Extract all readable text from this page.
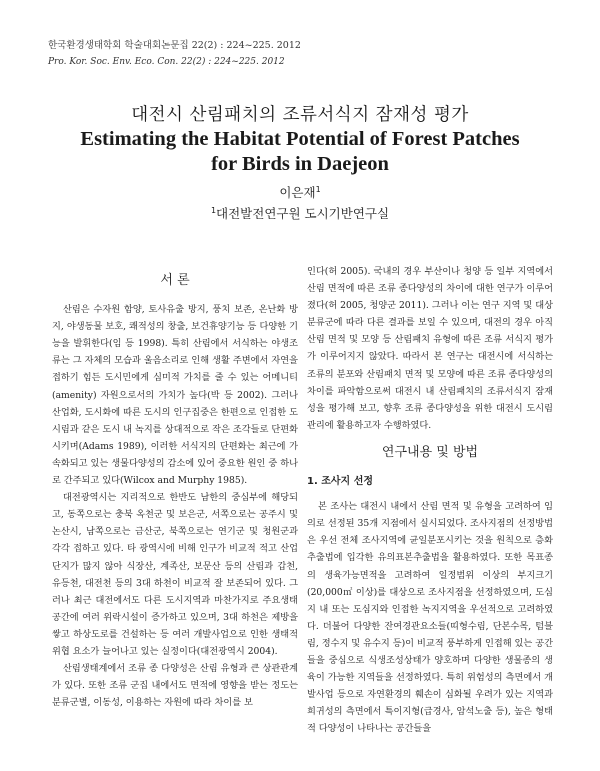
한국환경생태학회 학술대회논문집 22(2) : 224~225. 2012
Pro. Kor. Soc. Env. Eco. Con. 22(2) : 224~225. 2012
대전시 산림패치의 조류서식지 잠재성 평가
Estimating the Habitat Potential of Forest Patches
for Birds in Daejeon
이은재$^1$
$^1$대전발전연구원 도시기반연구실
서 론

산림은 수자원 함양, 토사유출 방지, 풍치 보존, 온난화 방지, 야생동물 보호, 쾌적성의 창출, 보건휴양기능 등 다양한 기능을 발휘한다(임 등 1998). 특히 산림에서 서식하는 야생조류는 그 자체의 모습과 울음소리로 인해 생활 주변에서 자연을 접하기 힘든 도시민에게 심미적 가치를 줄 수 있는 어메니티(amenity) 자원으로서의 가치가 높다(박 등 2002). 그러나 산업화, 도시화에 따른 도시의 인구집중은 한편으로 인접한 도시림과 같은 도시 내 녹지를 상대적으로 작은 조각들로 단편화시키며(Adams 1989), 이러한 서식지의 단편화는 최근에 가속화되고 있는 생물다양성의 감소에 있어 중요한 원인 중 하나로 간주되고 있다(Wilcox and Murphy 1985).

대전광역시는 지리적으로 한반도 남한의 중심부에 해당되고, 동쪽으로는 충북 옥천군 및 보은군, 서쪽으로는 공주시 및 논산시, 남쪽으로는 금산군, 북쪽으로는 연기군 및 청원군과 각각 접하고 있다. 타 광역시에 비해 인구가 비교적 적고 산업단지가 많지 않아 식장산, 계족산, 보문산 등의 산림과 갑천, 유등천, 대전천 등의 3대 하천이 비교적 잘 보존되어 있다. 그러나 최근 대전에서도 다른 도시지역과 마찬가지로 주요생태공간에 여러 위락시설이 증가하고 있으며, 3대 하천은 제방을 쌓고 하상도로를 건설하는 등 여러 개발사업으로 인한 생태적 위협 요소가 늘어나고 있는 실정이다(대전광역시 2004).

산림생태계에서 조류 종 다양성은 산림 유형과 큰 상관관계가 있다. 또한 조류 군집 내에서도 면적에 영향을 받는 정도는 분류군별, 이동성, 이용하는 자원에 따라 차이를 보

인다(허 2005). 국내의 경우 부산이나 청양 등 일부 지역에서 산림 면적에 따른 조류 종다양성의 차이에 대한 연구가 이루어졌다(허 2005, 청양군 2011). 그러나 이는 연구 지역 및 대상 분류군에 따라 다른 결과를 보일 수 있으며, 대전의 경우 아직 산림 면적 및 모양 등 산림패치 유형에 따른 조류 서식지 평가가 이루어지지 않았다. 따라서 본 연구는 대전시에 서식하는 조류의 분포와 산림패치 면적 및 모양에 따른 조류 종다양성의 차이를 파악함으로써 대전시 내 산림패치의 조류서식지 잠재성을 평가해 보고, 향후 조류 종다양성을 위한 대전시 도시림 관리에 활용하고자 수행하였다.

연구내용 및 방법
1. 조사지 선정

본 조사는 대전시 내에서 산림 면적 및 유형을 고려하여 임의로 선정된 35개 지점에서 실시되었다. 조사지점의 선정방법은 우선 전체 조사지역에 균일분포시키는 것을 원칙으로 층화추출법에 입각한 유의표본추출법을 활용하였다. 또한 목표종의 생육가능면적을 고려하여 일정범위 이상의 부지크기(20,000㎡ 이상)를 대상으로 조사지점을 선정하였으며, 도심지 내 또는 도심지와 인접한 녹지지역을 우선적으로 고려하였다. 더불어 다양한 잔여경관요소들(띠형수림, 단본수목, 텀블림, 정수지 및 유수지 등)이 비교적 풍부하게 인접해 있는 공간들을 중심으로 식생조성상태가 양호하며 다양한 생물종의 생육이 가능한 지역들을 선정하였다. 특히 위험성의 측면에서 개발사업 등으로 자연환경의 훼손이 심화될 우려가 있는 지역과 희귀성의 측면에서 특이지형(급경사, 암석노출 등), 높은 형태적 다양성이 나타나는 공간들을
